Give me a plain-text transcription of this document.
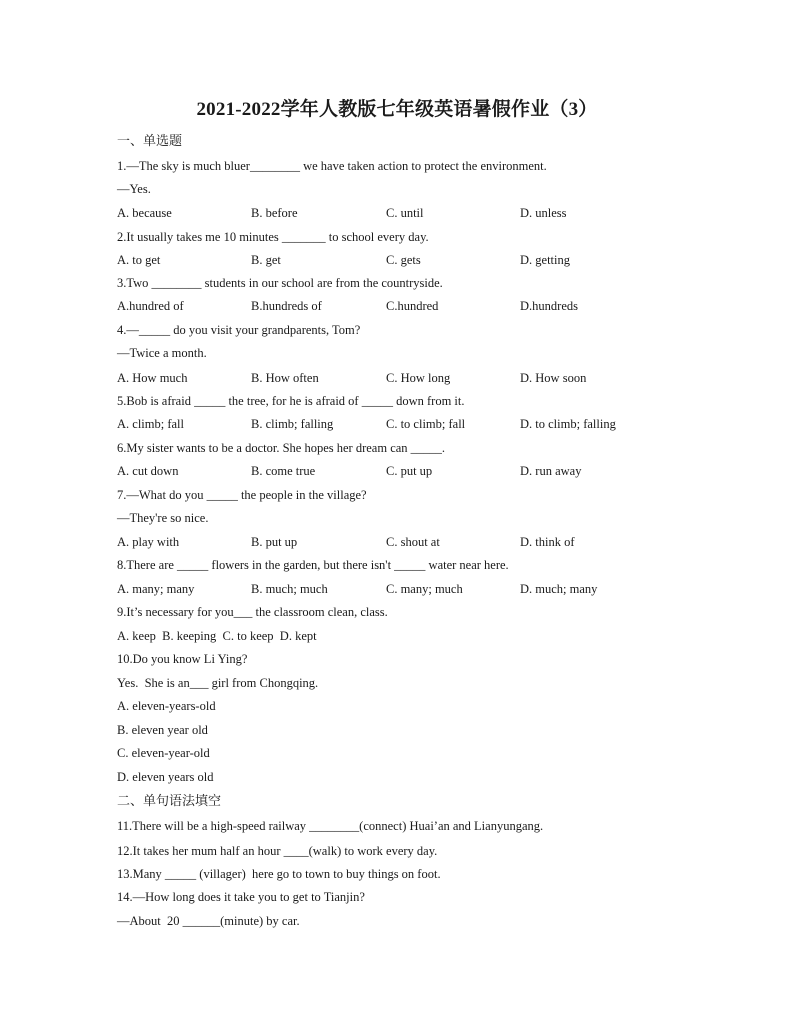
2021-2022学年人教版七年级英语暑假作业（3）
一、单选题
1.—The sky is much bluer________ we have taken action to protect the environment.
—Yes.
A. because	B. before	C. until	D. unless
2.It usually takes me 10 minutes _______ to school every day.
A. to get	B. get	C. gets	D. getting
3.Two ________ students in our school are from the countryside.
A.hundred of	B.hundreds of	C.hundred	D.hundreds
4.—_____ do you visit your grandparents, Tom?
—Twice a month.
A. How much	B. How often	C. How long	D. How soon
5.Bob is afraid _____ the tree, for he is afraid of _____ down from it.
A. climb; fall	B. climb; falling	C. to climb; fall	D. to climb; falling
6.My sister wants to be a doctor. She hopes her dream can _____.
A. cut down	B. come true	C. put up	D. run away
7.—What do you _____ the people in the village?
—They're so nice.
A. play with	B. put up	C. shout at	D. think of
8.There are _____ flowers in the garden, but there isn't _____ water near here.
A. many; many	B. much; much	C. many; much	D. much; many
9.It’s necessary for you___ the classroom clean, class.
A. keep  B. keeping  C. to keep  D. kept
10.Do you know Li Ying?
Yes.  She is an___ girl from Chongqing.
A. eleven-years-old
B. eleven year old
C. eleven-year-old
D. eleven years old
二、单句语法填空
11.There will be a high-speed railway ________(connect) Huai’an and Lianyungang.
12.It takes her mum half an hour ____(walk) to work every day.
13.Many _____ (villager)  here go to town to buy things on foot.
14.—How long does it take you to get to Tianjin?
—About  20 ______(minute) by car.
